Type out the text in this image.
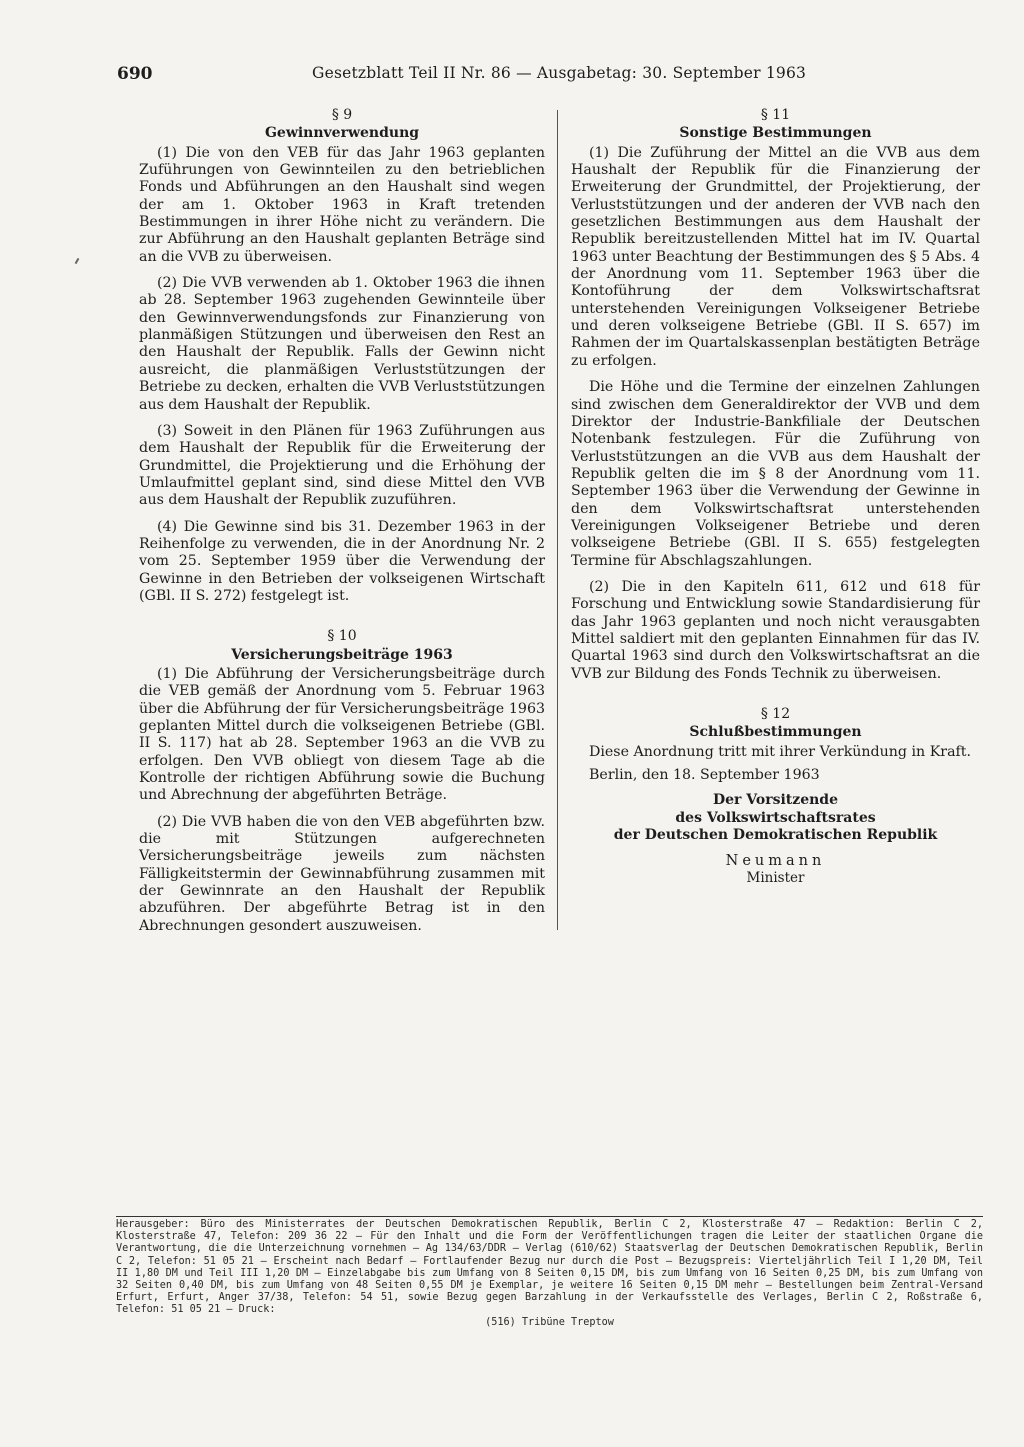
690	Gesetzblatt Teil II Nr. 86 — Ausgabetag: 30. September 1963

§ 9

Gewinnverwendung

(1) Die von den VEB für das Jahr 1963 geplanten Zuführungen von Gewinnteilen zu den betrieblichen Fonds und Abführungen an den Haushalt sind wegen der am 1. Oktober 1963 in Kraft tretenden Bestimmungen in ihrer Höhe nicht zu verändern. Die zur Abführung an den Haushalt geplanten Beträge sind an die VVB zu überweisen.

(2) Die VVB verwenden ab 1. Oktober 1963 die ihnen ab 28. September 1963 zugehenden Gewinnteile über den Gewinnverwendungsfonds zur Finanzierung von planmäßigen Stützungen und überweisen den Rest an den Haushalt der Republik. Falls der Gewinn nicht ausreicht, die planmäßigen Verluststützungen der Betriebe zu decken, erhalten die VVB Verluststützungen aus dem Haushalt der Republik.

(3) Soweit in den Plänen für 1963 Zuführungen aus dem Haushalt der Republik für die Erweiterung der Grundmittel, die Projektierung und die Erhöhung der Umlaufmittel geplant sind, sind diese Mittel den VVB aus dem Haushalt der Republik zuzuführen.

(4) Die Gewinne sind bis 31. Dezember 1963 in der Reihenfolge zu verwenden, die in der Anordnung Nr. 2 vom 25. September 1959 über die Verwendung der Gewinne in den Betrieben der volkseigenen Wirtschaft (GBl. II S. 272) festgelegt ist.

§ 10

Versicherungsbeiträge 1963

(1) Die Abführung der Versicherungsbeiträge durch die VEB gemäß der Anordnung vom 5. Februar 1963 über die Abführung der für Versicherungsbeiträge 1963 geplanten Mittel durch die volkseigenen Betriebe (GBl. II S. 117) hat ab 28. September 1963 an die VVB zu erfolgen. Den VVB obliegt von diesem Tage ab die Kontrolle der richtigen Abführung sowie die Buchung und Abrechnung der abgeführten Beträge.

(2) Die VVB haben die von den VEB abgeführten bzw. die mit Stützungen aufgerechneten Versicherungsbeiträge jeweils zum nächsten Fälligkeitstermin der Gewinnabführung zusammen mit der Gewinnrate an den Haushalt der Republik abzuführen. Der abgeführte Betrag ist in den Abrechnungen gesondert auszuweisen.

§ 11

Sonstige Bestimmungen

(1) Die Zuführung der Mittel an die VVB aus dem Haushalt der Republik für die Finanzierung der Erweiterung der Grundmittel, der Projektierung, der Verluststützungen und der anderen der VVB nach den gesetzlichen Bestimmungen aus dem Haushalt der Republik bereitzustellenden Mittel hat im IV. Quartal 1963 unter Beachtung der Bestimmungen des § 5 Abs. 4 der Anordnung vom 11. September 1963 über die Kontoführung der dem Volkswirtschaftsrat unterstehenden Vereinigungen Volkseigener Betriebe und deren volkseigene Betriebe (GBl. II S. 657) im Rahmen der im Quartalskassenplan bestätigten Beträge zu erfolgen.

Die Höhe und die Termine der einzelnen Zahlungen sind zwischen dem Generaldirektor der VVB und dem Direktor der Industrie-Bankfiliale der Deutschen Notenbank festzulegen. Für die Zuführung von Verluststützungen an die VVB aus dem Haushalt der Republik gelten die im § 8 der Anordnung vom 11. September 1963 über die Verwendung der Gewinne in den dem Volkswirtschaftsrat unterstehenden Vereinigungen Volkseigener Betriebe und deren volkseigene Betriebe (GBl. II S. 655) festgelegten Termine für Abschlagszahlungen.

(2) Die in den Kapiteln 611, 612 und 618 für Forschung und Entwicklung sowie Standardisierung für das Jahr 1963 geplanten und noch nicht verausgabten Mittel saldiert mit den geplanten Einnahmen für das IV. Quartal 1963 sind durch den Volkswirtschaftsrat an die VVB zur Bildung des Fonds Technik zu überweisen.

§ 12

Schlußbestimmungen

Diese Anordnung tritt mit ihrer Verkündung in Kraft.

Berlin, den 18. September 1963

Der Vorsitzende
des Volkswirtschaftsrates
der Deutschen Demokratischen Republik
Neumann
Minister
Herausgeber: Büro des Ministerrates der Deutschen Demokratischen Republik, Berlin C 2, Klosterstraße 47 — Redaktion: Berlin C 2, Klosterstraße 47, Telefon: 209 36 22 — Für den Inhalt und die Form der Veröffentlichungen tragen die Leiter der staatlichen Organe die Verantwortung, die die Unterzeichnung vornehmen — Ag 134/63/DDR — Verlag (610/62) Staatsverlag der Deutschen Demokratischen Republik, Berlin C 2, Telefon: 51 05 21 — Erscheint nach Bedarf — Fortlaufender Bezug nur durch die Post — Bezugspreis: Vierteljährlich Teil I 1,20 DM, Teil II 1,80 DM und Teil III 1,20 DM — Einzelabgabe bis zum Umfang von 8 Seiten 0,15 DM, bis zum Umfang von 16 Seiten 0,25 DM, bis zum Umfang von 32 Seiten 0,40 DM, bis zum Umfang von 48 Seiten 0,55 DM je Exemplar, je weitere 16 Seiten 0,15 DM mehr — Bestellungen beim Zentral-Versand Erfurt, Erfurt, Anger 37/38, Telefon: 54 51, sowie Bezug gegen Barzahlung in der Verkaufsstelle des Verlages, Berlin C 2, Roßstraße 6, Telefon: 51 05 21 — Druck:
(516) Tribüne Treptow
